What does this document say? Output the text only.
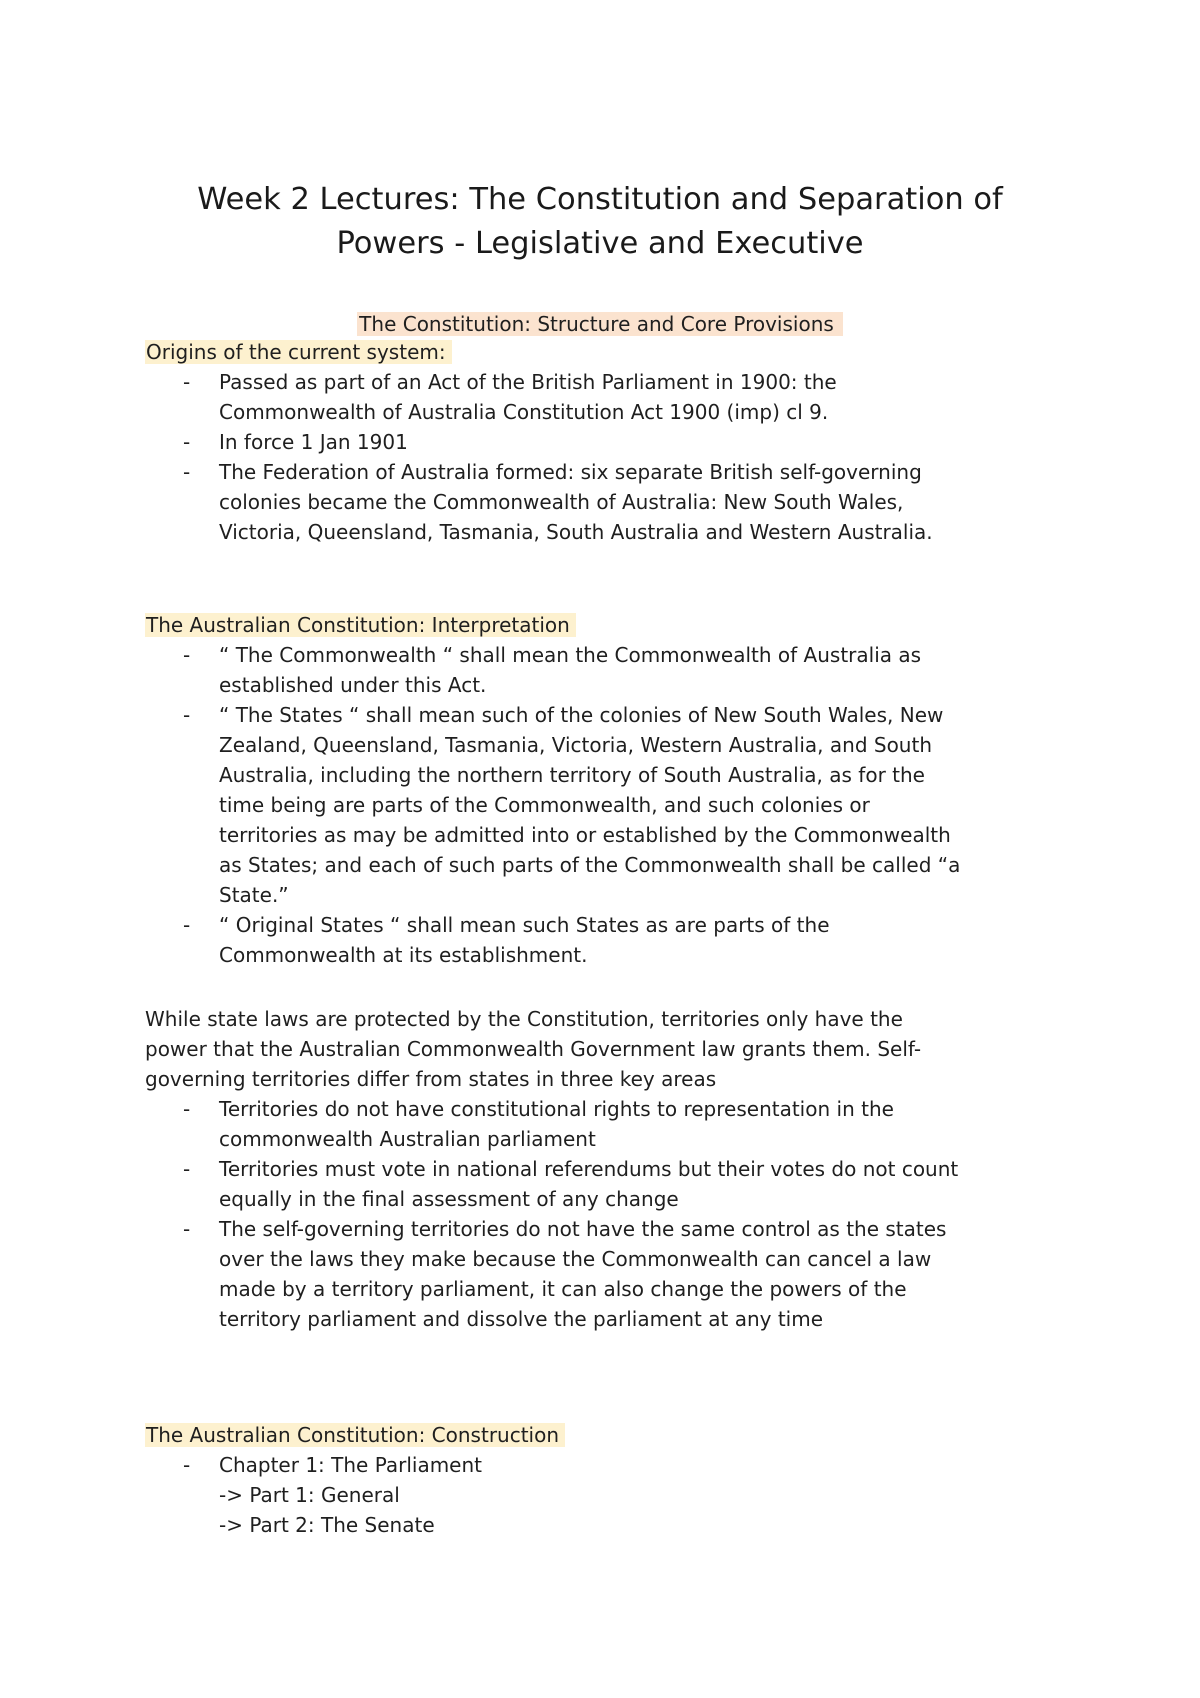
Week 2 Lectures: The Constitution and Separation of
Powers - Legislative and Executive
The Constitution: Structure and Core Provisions
Origins of the current system:
- Passed as part of an Act of the British Parliament in 1900: the
Commonwealth of Australia Constitution Act 1900 (imp) cl 9.
- In force 1 Jan 1901
- The Federation of Australia formed: six separate British self-governing
colonies became the Commonwealth of Australia: New South Wales,
Victoria, Queensland, Tasmania, South Australia and Western Australia.
The Australian Constitution: Interpretation
- “ The Commonwealth “ shall mean the Commonwealth of Australia as
established under this Act.
- “ The States “ shall mean such of the colonies of New South Wales, New
Zealand, Queensland, Tasmania, Victoria, Western Australia, and South
Australia, including the northern territory of South Australia, as for the
time being are parts of the Commonwealth, and such colonies or
territories as may be admitted into or established by the Commonwealth
as States; and each of such parts of the Commonwealth shall be called “a
State.”
- “ Original States “ shall mean such States as are parts of the
Commonwealth at its establishment.
While state laws are protected by the Constitution, territories only have the
power that the Australian Commonwealth Government law grants them. Self-
governing territories differ from states in three key areas
- Territories do not have constitutional rights to representation in the
commonwealth Australian parliament
- Territories must vote in national referendums but their votes do not count
equally in the final assessment of any change
- The self-governing territories do not have the same control as the states
over the laws they make because the Commonwealth can cancel a law
made by a territory parliament, it can also change the powers of the
territory parliament and dissolve the parliament at any time
The Australian Constitution: Construction
- Chapter 1: The Parliament
-> Part 1: General
-> Part 2: The Senate
